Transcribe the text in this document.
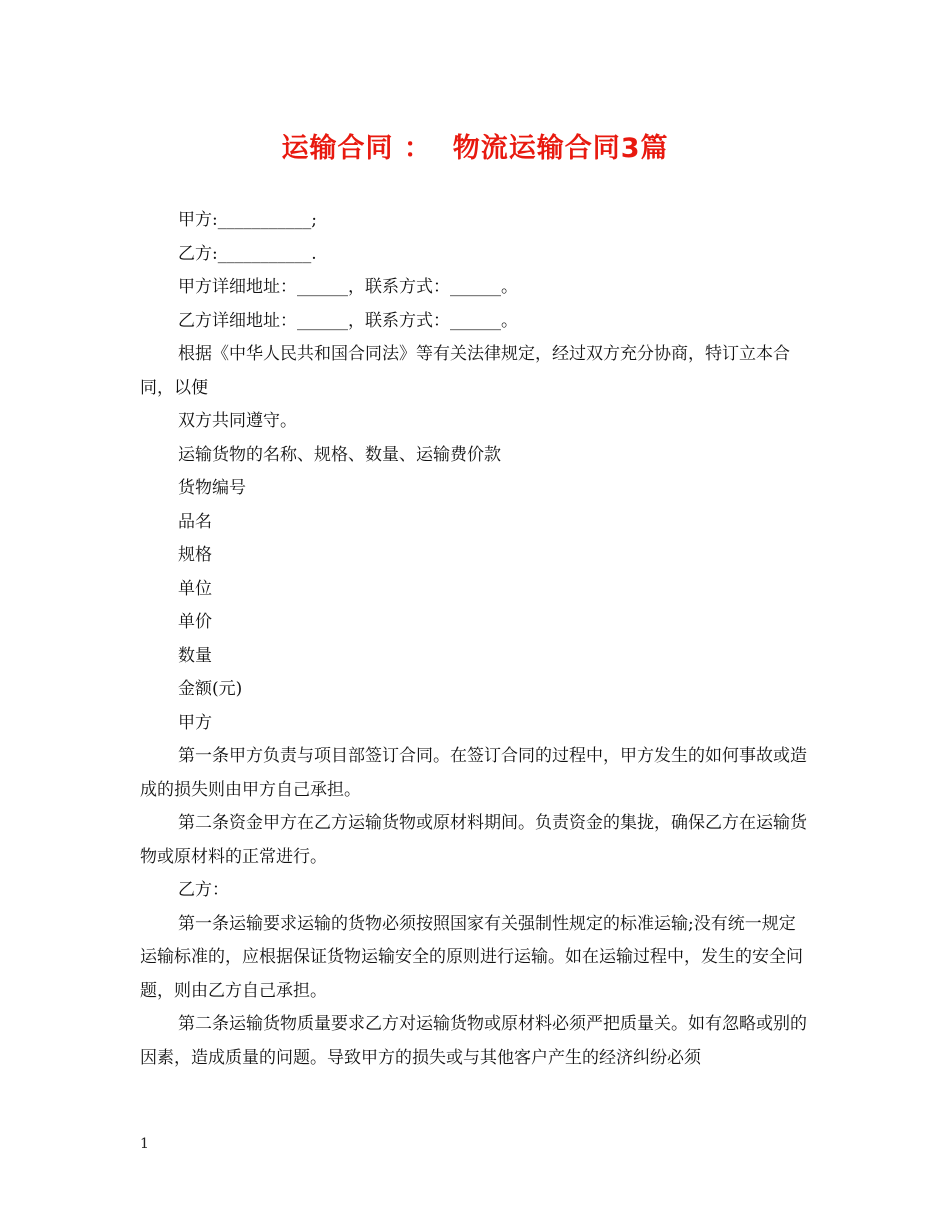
运输合同 ：  物流运输合同3篇

甲方:___________;

乙方:___________.

甲方详细地址：______，联系方式：______。

乙方详细地址：______，联系方式：______。

根据《中华人民共和国合同法》等有关法律规定，经过双方充分协商，特订立本合同，以便

双方共同遵守。

运输货物的名称、规格、数量、运输费价款

货物编号

品名

规格

单位

单价

数量

金额(元)

甲方

第一条甲方负责与项目部签订合同。在签订合同的过程中，甲方发生的如何事故或造成的损失则由甲方自己承担。

第二条资金甲方在乙方运输货物或原材料期间。负责资金的集拢，确保乙方在运输货物或原材料的正常进行。

乙方：

第一条运输要求运输的货物必须按照国家有关强制性规定的标准运输;没有统一规定运输标准的，应根据保证货物运输安全的原则进行运输。如在运输过程中，发生的安全问题，则由乙方自己承担。

第二条运输货物质量要求乙方对运输货物或原材料必须严把质量关。如有忽略或别的因素，造成质量的问题。导致甲方的损失或与其他客户产生的经济纠纷必须

1
